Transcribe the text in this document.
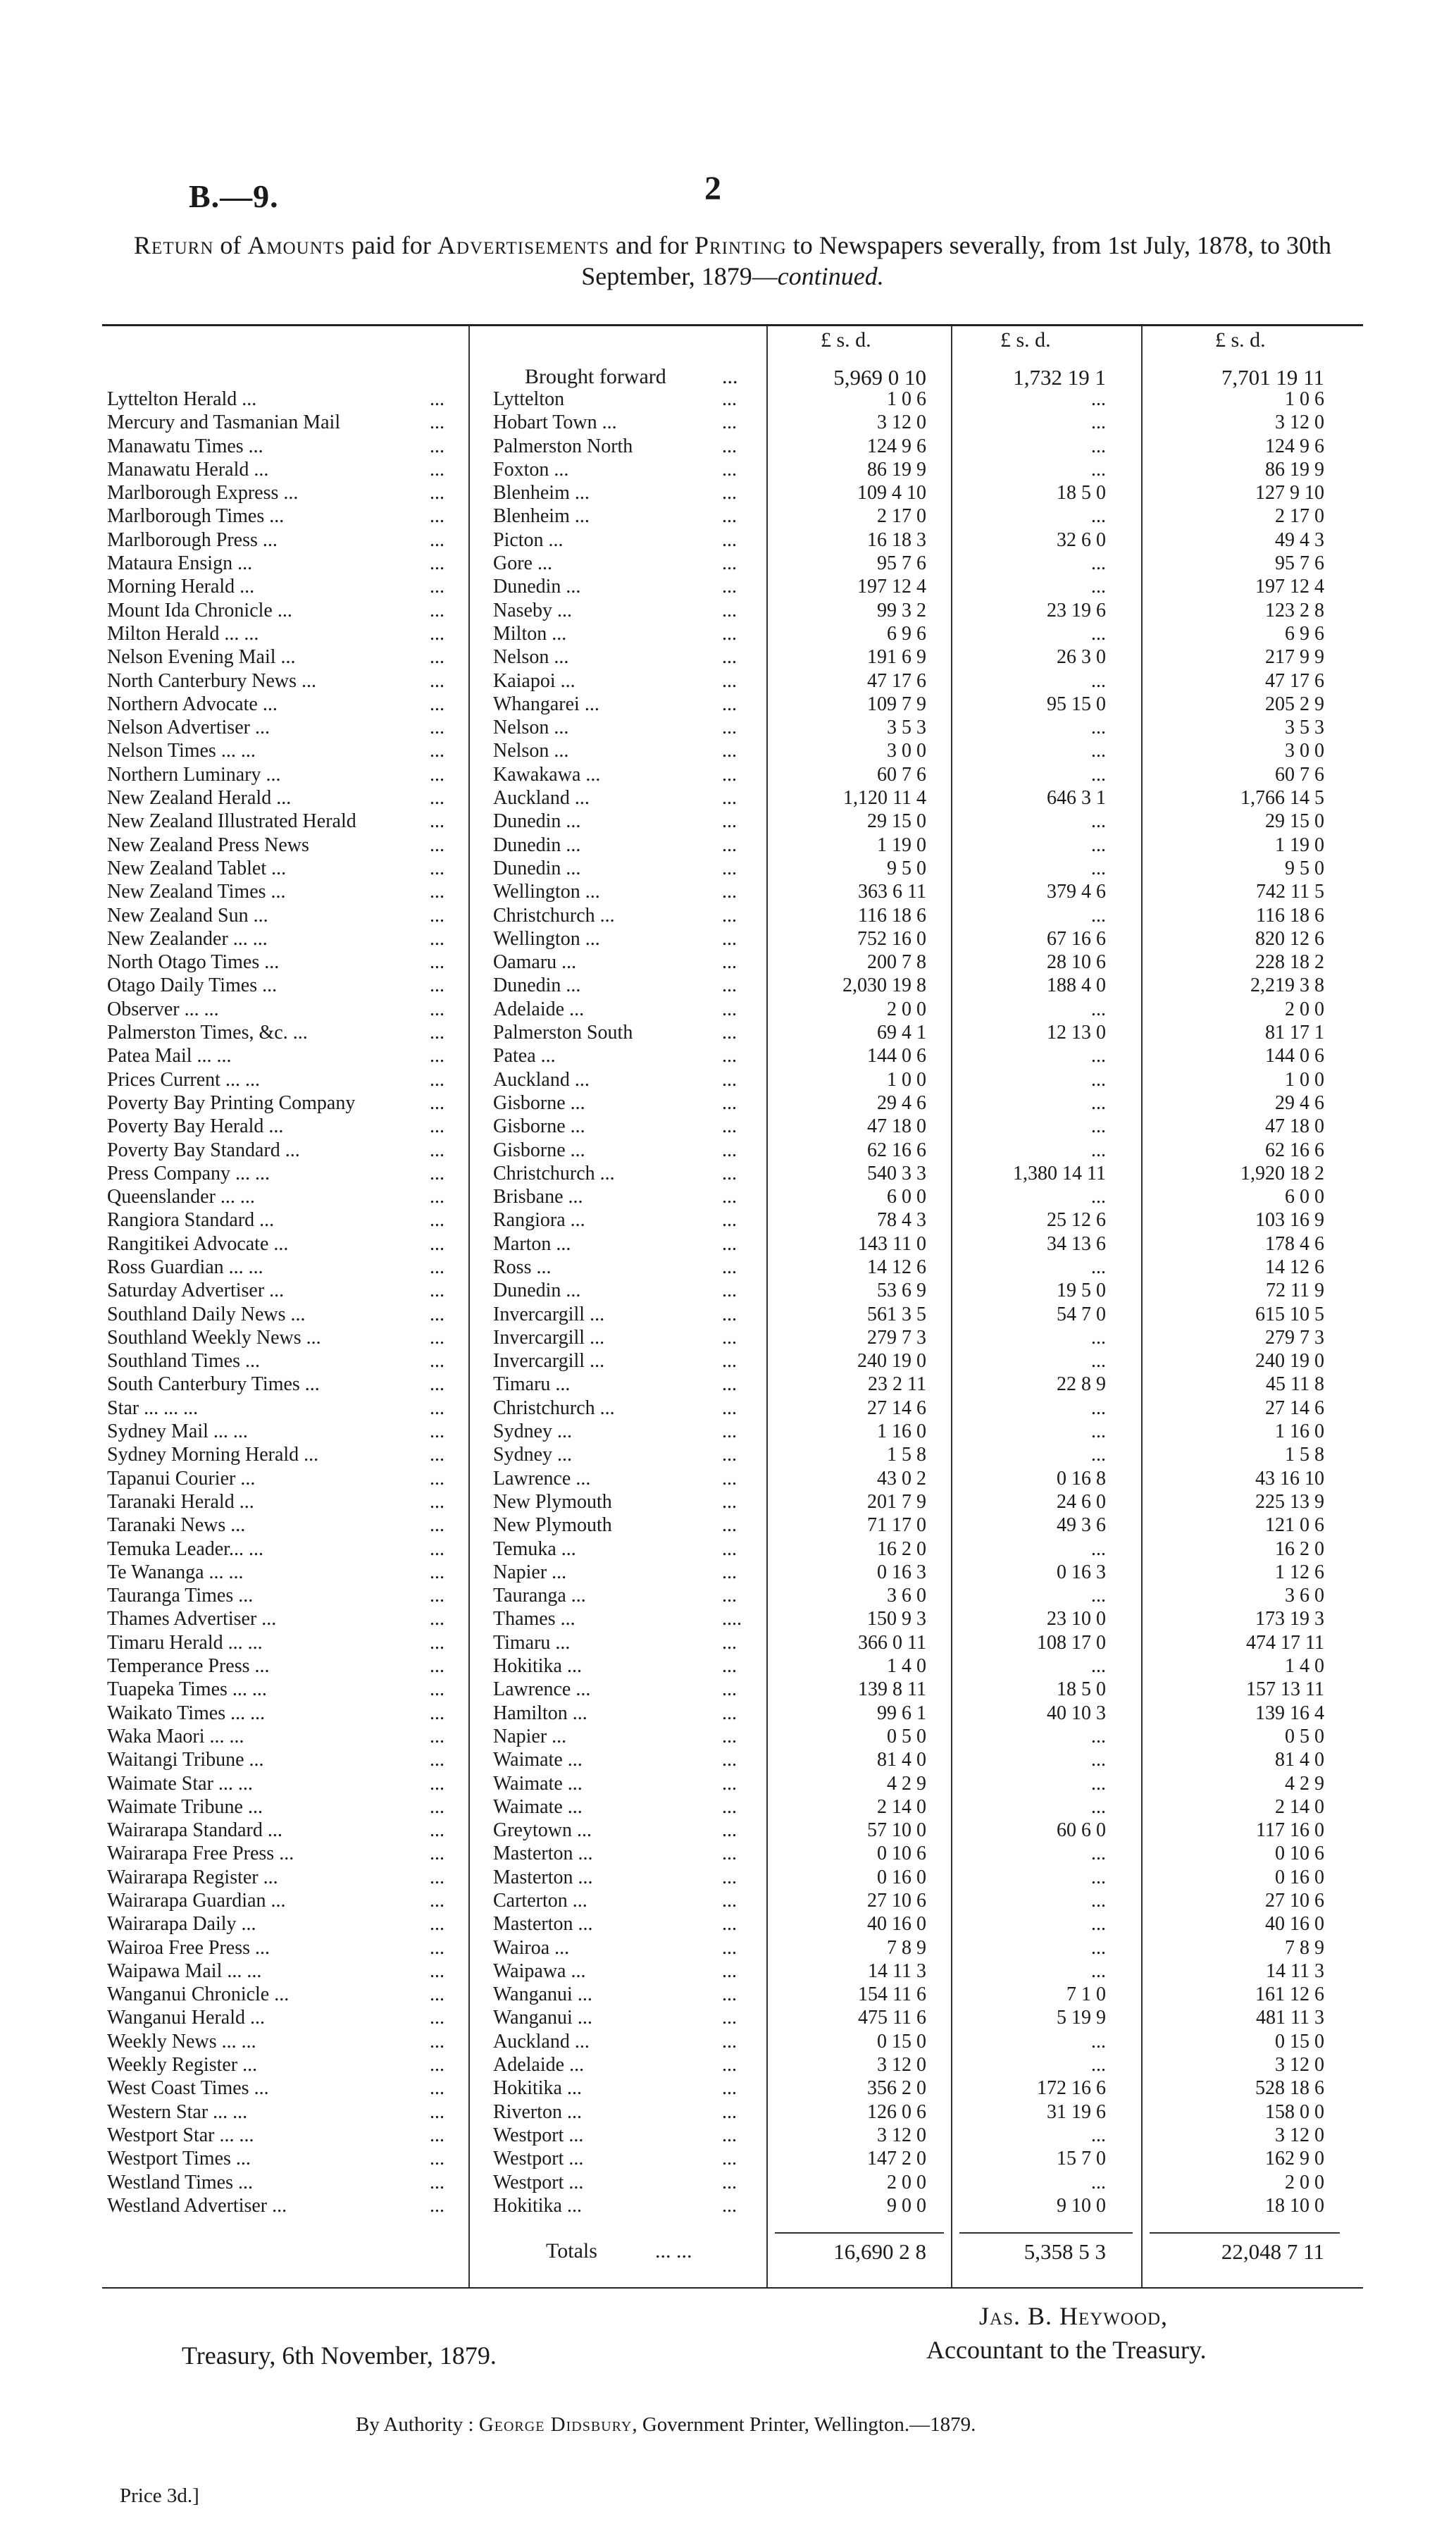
B.—9.	2
Return of Amounts paid for Advertisements and for Printing to Newspapers severally, from 1st July, 1878, to 30th September, 1879—continued.
£ s. d.	£ s. d.	£ s. d.
Brought forward	...	5,969 0 10	1,732 19 1	7,701 19 11
Lyttelton Herald ...	... Lyttelton	...	1 0 6	...	1 0 6
Mercury and Tasmanian Mail	... Hobart Town ...	...	3 12 0	...	3 12 0
Manawatu Times ...	... Palmerston North	...	124 9 6	...	124 9 6
Manawatu Herald ...	... Foxton ...	...	86 19 9	...	86 19 9
Marlborough Express ...	... Blenheim ...	...	109 4 10	18 5 0	127 9 10
Marlborough Times ...	... Blenheim ...	...	2 17 0	...	2 17 0
Marlborough Press ...	... Picton ...	...	16 18 3	32 6 0	49 4 3
Mataura Ensign ...	... Gore ...	...	95 7 6	...	95 7 6
Morning Herald ...	... Dunedin ...	...	197 12 4	...	197 12 4
Mount Ida Chronicle ...	... Naseby ...	...	99 3 2	23 19 6	123 2 8
Milton Herald ... ...	... Milton ...	...	6 9 6	...	6 9 6
Nelson Evening Mail ...	... Nelson ...	...	191 6 9	26 3 0	217 9 9
North Canterbury News ...	... Kaiapoi ...	...	47 17 6	...	47 17 6
Northern Advocate ...	... Whangarei ...	...	109 7 9	95 15 0	205 2 9
Nelson Advertiser ...	... Nelson ...	...	3 5 3	...	3 5 3
Nelson Times ... ...	... Nelson ...	...	3 0 0	...	3 0 0
Northern Luminary ...	... Kawakawa ...	...	60 7 6	...	60 7 6
New Zealand Herald ...	... Auckland ...	...	1,120 11 4	646 3 1	1,766 14 5
New Zealand Illustrated Herald	... Dunedin ...	...	29 15 0	...	29 15 0
New Zealand Press News	... Dunedin ...	...	1 19 0	...	1 19 0
New Zealand Tablet ...	... Dunedin ...	...	9 5 0	...	9 5 0
New Zealand Times ...	... Wellington ...	...	363 6 11	379 4 6	742 11 5
New Zealand Sun ...	... Christchurch ...	...	116 18 6	...	116 18 6
New Zealander ... ...	... Wellington ...	...	752 16 0	67 16 6	820 12 6
North Otago Times ...	... Oamaru ...	...	200 7 8	28 10 6	228 18 2
Otago Daily Times ...	... Dunedin ...	...	2,030 19 8	188 4 0	2,219 3 8
Observer ... ...	... Adelaide ...	...	2 0 0	...	2 0 0
Palmerston Times, &c. ...	... Palmerston South	...	69 4 1	12 13 0	81 17 1
Patea Mail ... ...	... Patea ...	...	144 0 6	...	144 0 6
Prices Current ... ...	... Auckland ...	...	1 0 0	...	1 0 0
Poverty Bay Printing Company	... Gisborne ...	...	29 4 6	...	29 4 6
Poverty Bay Herald ...	... Gisborne ...	...	47 18 0	...	47 18 0
Poverty Bay Standard ...	... Gisborne ...	...	62 16 6	...	62 16 6
Press Company ... ...	... Christchurch ...	...	540 3 3	1,380 14 11	1,920 18 2
Queenslander ... ...	... Brisbane ...	...	6 0 0	...	6 0 0
Rangiora Standard ...	... Rangiora ...	...	78 4 3	25 12 6	103 16 9
Rangitikei Advocate ...	... Marton ...	...	143 11 0	34 13 6	178 4 6
Ross Guardian ... ...	... Ross ...	...	14 12 6	...	14 12 6
Saturday Advertiser ...	... Dunedin ...	...	53 6 9	19 5 0	72 11 9
Southland Daily News ...	... Invercargill ...	...	561 3 5	54 7 0	615 10 5
Southland Weekly News ...	... Invercargill ...	...	279 7 3	...	279 7 3
Southland Times ...	... Invercargill ...	...	240 19 0	...	240 19 0
South Canterbury Times ...	... Timaru ...	...	23 2 11	22 8 9	45 11 8
Star ... ... ...	... Christchurch ...	...	27 14 6	...	27 14 6
Sydney Mail ... ...	... Sydney ...	...	1 16 0	...	1 16 0
Sydney Morning Herald ...	... Sydney ...	...	1 5 8	...	1 5 8
Tapanui Courier ...	... Lawrence ...	...	43 0 2	0 16 8	43 16 10
Taranaki Herald ...	... New Plymouth	...	201 7 9	24 6 0	225 13 9
Taranaki News ...	... New Plymouth	...	71 17 0	49 3 6	121 0 6
Temuka Leader... ...	... Temuka ...	...	16 2 0	...	16 2 0
Te Wananga ... ...	... Napier ...	...	0 16 3	0 16 3	1 12 6
Tauranga Times ...	... Tauranga ...	...	3 6 0	...	3 6 0
Thames Advertiser ...	... Thames ...	....	150 9 3	23 10 0	173 19 3
Timaru Herald ... ...	... Timaru ...	...	366 0 11	108 17 0	474 17 11
Temperance Press ...	... Hokitika ...	...	1 4 0	...	1 4 0
Tuapeka Times ... ...	... Lawrence ...	...	139 8 11	18 5 0	157 13 11
Waikato Times ... ...	... Hamilton ...	...	99 6 1	40 10 3	139 16 4
Waka Maori ... ...	... Napier ...	...	0 5 0	...	0 5 0
Waitangi Tribune ...	... Waimate ...	...	81 4 0	...	81 4 0
Waimate Star ... ...	... Waimate ...	...	4 2 9	...	4 2 9
Waimate Tribune ...	... Waimate ...	...	2 14 0	...	2 14 0
Wairarapa Standard ...	... Greytown ...	...	57 10 0	60 6 0	117 16 0
Wairarapa Free Press ...	... Masterton ...	...	0 10 6	...	0 10 6
Wairarapa Register ...	... Masterton ...	...	0 16 0	...	0 16 0
Wairarapa Guardian ...	... Carterton ...	...	27 10 6	...	27 10 6
Wairarapa Daily ...	... Masterton ...	...	40 16 0	...	40 16 0
Wairoa Free Press ...	... Wairoa ...	...	7 8 9	...	7 8 9
Waipawa Mail ... ...	... Waipawa ...	...	14 11 3	...	14 11 3
Wanganui Chronicle ...	... Wanganui ...	...	154 11 6	7 1 0	161 12 6
Wanganui Herald ...	... Wanganui ...	...	475 11 6	5 19 9	481 11 3
Weekly News ... ...	... Auckland ...	...	0 15 0	...	0 15 0
Weekly Register ...	... Adelaide ...	...	3 12 0	...	3 12 0
West Coast Times ...	... Hokitika ...	...	356 2 0	172 16 6	528 18 6
Western Star ... ...	... Riverton ...	...	126 0 6	31 19 6	158 0 0
Westport Star ... ...	... Westport ...	...	3 12 0	...	3 12 0
Westport Times ...	... Westport ...	...	147 2 0	15 7 0	162 9 0
Westland Times ...	... Westport ...	...	2 0 0	...	2 0 0
Westland Advertiser ...	... Hokitika ...	...	9 0 0	9 10 0	18 10 0
Totals	... ...	16,690 2 8	5,358 5 3	22,048 7 11
Jas. B. Heywood,
Accountant to the Treasury.
Treasury, 6th November, 1879.
By Authority : George Didsbury, Government Printer, Wellington.—1879.
Price 3d.]
